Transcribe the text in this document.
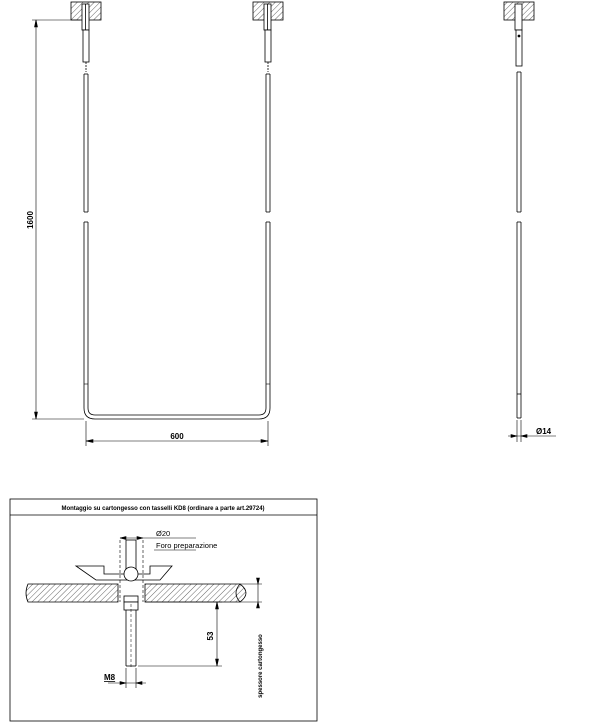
1600
600
Ø14
Montaggio su cartongesso con tasselli KD8 (ordinare a parte art.29724)
Ø20
Foro preparazione
53
M8	spessore cartongesso
